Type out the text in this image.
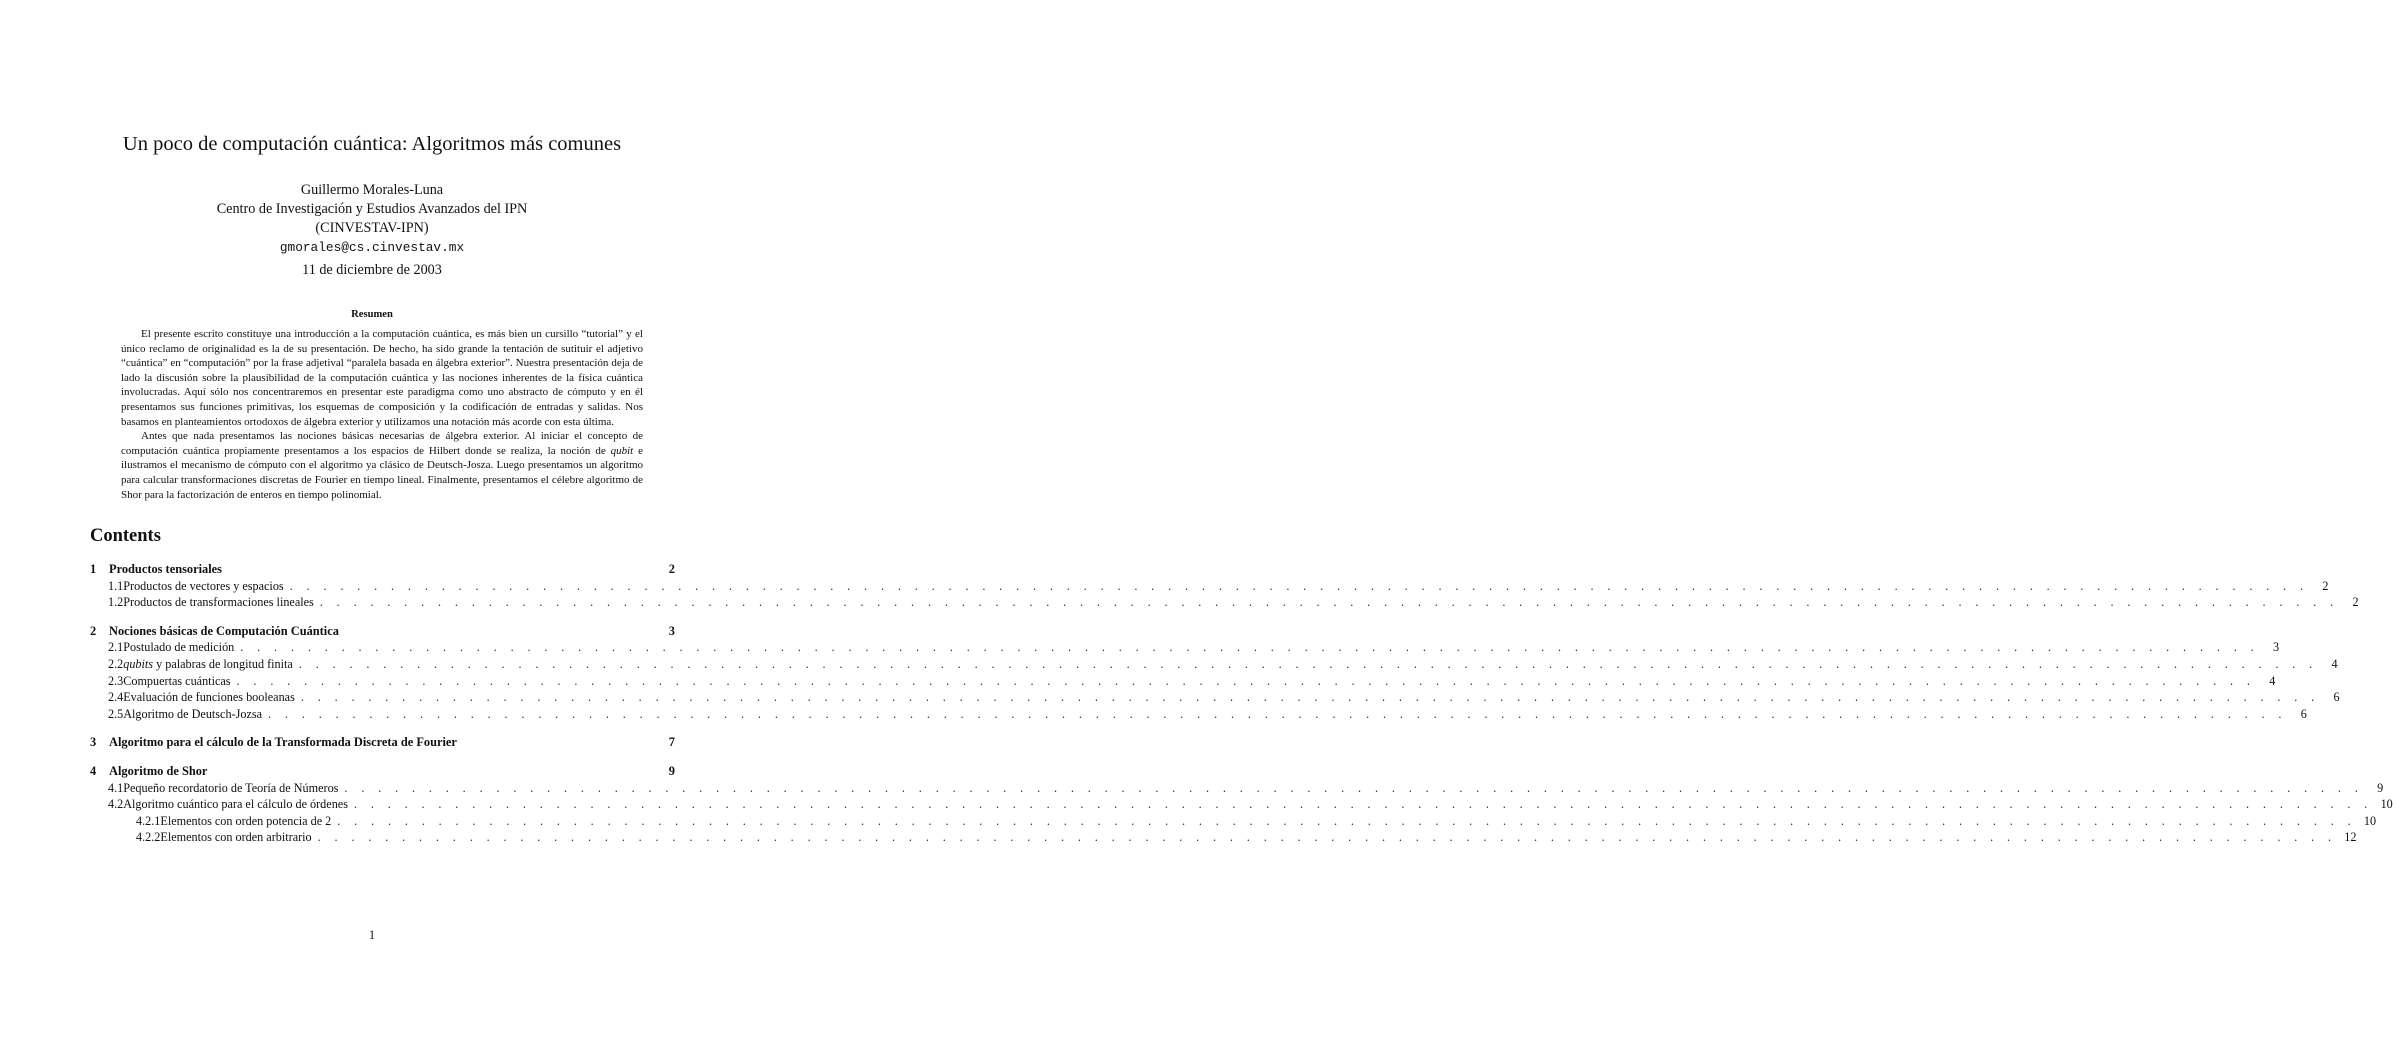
Un poco de computación cuántica: Algoritmos más comunes
Guillermo Morales-Luna
Centro de Investigación y Estudios Avanzados del IPN
(CINVESTAV-IPN)
gmorales@cs.cinvestav.mx
11 de diciembre de 2003
Resumen

El presente escrito constituye una introducción a la computación cuántica, es más bien un cursillo “tutorial” y el único reclamo de originalidad es la de su presentación. De hecho, ha sido grande la tentación de sutituir el adjetivo “cuántica” en “computación” por la frase adjetival “paralela basada en álgebra exterior”. Nuestra presentación deja de lado la discusión sobre la plausibilidad de la computación cuántica y las nociones inherentes de la física cuántica involucradas. Aquí sólo nos concentraremos en presentar este paradigma como uno abstracto de cómputo y en él presentamos sus funciones primitivas, los esquemas de composición y la codificación de entradas y salidas. Nos basamos en planteamientos ortodoxos de álgebra exterior y utilizamos una notación más acorde con esta última.

Antes que nada presentamos las nociones básicas necesarias de álgebra exterior. Al iniciar el concepto de computación cuántica propiamente presentamos a los espacios de Hilbert donde se realiza, la noción de qubit e ilustramos el mecanismo de cómputo con el algoritmo ya clásico de Deutsch-Josza. Luego presentamos un algoritmo para calcular transformaciones discretas de Fourier en tiempo lineal. Finalmente, presentamos el célebre algoritmo de Shor para la factorización de enteros en tiempo polinomial.

Contents
1	Productos tensoriales	2
1.1 Productos de vectores y espacios . . . . . . . . . . . . . . . . . . . . . . . . . . . . . . . . . . . . . . . . . . . . . . . . . . . . . . . . . . . . . . . . . . . . . . . . . . . . . . . . . . . . . . . . . . . . . . . . . . . . . . . . . . . . . . . . . . . . . . . .	2
1.2 Productos de transformaciones lineales . . . . . . . . . . . . . . . . . . . . . . . . . . . . . . . . . . . . . . . . . . . . . . . . . . . . . . . . . . . . . . . . . . . . . . . . . . . . . . . . . . . . . . . . . . . . . . . . . . . . . . . . . . . . . . . . . . . . . . . .	2
2	Nociones básicas de Computación Cuántica	3
2.1 Postulado de medición . . . . . . . . . . . . . . . . . . . . . . . . . . . . . . . . . . . . . . . . . . . . . . . . . . . . . . . . . . . . . . . . . . . . . . . . . . . . . . . . . . . . . . . . . . . . . . . . . . . . . . . . . . . . . . . . . . . . . . . .	3
2.2 qubits y palabras de longitud finita . . . . . . . . . . . . . . . . . . . . . . . . . . . . . . . . . . . . . . . . . . . . . . . . . . . . . . . . . . . . . . . . . . . . . . . . . . . . . . . . . . . . . . . . . . . . . . . . . . . . . . . . . . . . . . . . . . . . . . . .	4
2.3 Compuertas cuánticas . . . . . . . . . . . . . . . . . . . . . . . . . . . . . . . . . . . . . . . . . . . . . . . . . . . . . . . . . . . . . . . . . . . . . . . . . . . . . . . . . . . . . . . . . . . . . . . . . . . . . . . . . . . . . . . . . . . . . . . .	4
2.4 Evaluación de funciones booleanas . . . . . . . . . . . . . . . . . . . . . . . . . . . . . . . . . . . . . . . . . . . . . . . . . . . . . . . . . . . . . . . . . . . . . . . . . . . . . . . . . . . . . . . . . . . . . . . . . . . . . . . . . . . . . . . . . . . . . . . .	6
2.5 Algoritmo de Deutsch-Jozsa . . . . . . . . . . . . . . . . . . . . . . . . . . . . . . . . . . . . . . . . . . . . . . . . . . . . . . . . . . . . . . . . . . . . . . . . . . . . . . . . . . . . . . . . . . . . . . . . . . . . . . . . . . . . . . . . . . . . . . . .	6
3	Algoritmo para el cálculo de la Transformada Discreta de Fourier	7
4	Algoritmo de Shor	9
4.1 Pequeño recordatorio de Teoría de Números . . . . . . . . . . . . . . . . . . . . . . . . . . . . . . . . . . . . . . . . . . . . . . . . . . . . . . . . . . . . . . . . . . . . . . . . . . . . . . . . . . . . . . . . . . . . . . . . . . . . . . . . . . . . . . . . . . . . . . . .	9
4.2 Algoritmo cuántico para el cálculo de órdenes . . . . . . . . . . . . . . . . . . . . . . . . . . . . . . . . . . . . . . . . . . . . . . . . . . . . . . . . . . . . . . . . . . . . . . . . . . . . . . . . . . . . . . . . . . . . . . . . . . . . . . . . . . . . . . . . . . . . . . . . 10
4.2.1 Elementos con orden potencia de 2 . . . . . . . . . . . . . . . . . . . . . . . . . . . . . . . . . . . . . . . . . . . . . . . . . . . . . . . . . . . . . . . . . . . . . . . . . . . . . . . . . . . . . . . . . . . . . . . . . . . . . . . . . . . . . . . . . . . . . . . . 10
4.2.2 Elementos con orden arbitrario . . . . . . . . . . . . . . . . . . . . . . . . . . . . . . . . . . . . . . . . . . . . . . . . . . . . . . . . . . . . . . . . . . . . . . . . . . . . . . . . . . . . . . . . . . . . . . . . . . . . . . . . . . . . . . . . . . . . . . . . 12
1
